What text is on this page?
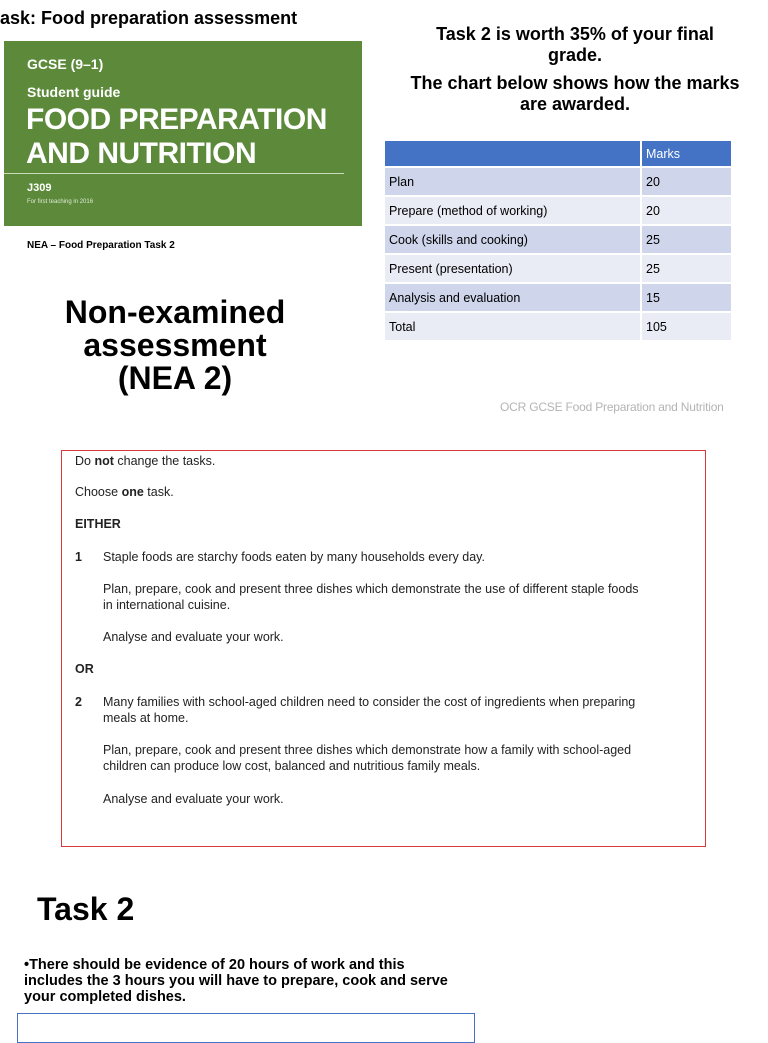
ask: Food preparation assessment
GCSE (9–1)
Student guide
FOOD PREPARATION
AND NUTRITION
J309
For first teaching in 2016
NEA – Food Preparation Task 2
Task 2 is worth 35% of your final grade.
The chart below shows how the marks are awarded.
	Marks
Plan	20
Prepare (method of working)	20
Cook (skills and cooking)	25
Present (presentation)	25
Analysis and evaluation	15
Total	105
Non-examined
assessment
(NEA 2)
OCR GCSE Food Preparation and Nutrition
Do not change the tasks.
Choose one task.
EITHER
1 Staple foods are starchy foods eaten by many households every day.
Plan, prepare, cook and present three dishes which demonstrate the use of different staple foods
in international cuisine.
Analyse and evaluate your work.
OR
2 Many families with school-aged children need to consider the cost of ingredients when preparing
meals at home.
Plan, prepare, cook and present three dishes which demonstrate how a family with school-aged
children can produce low cost, balanced and nutritious family meals.
Analyse and evaluate your work.
Task 2
•There should be evidence of 20 hours of work and this includes the 3 hours you will have to prepare, cook and serve your completed dishes.
